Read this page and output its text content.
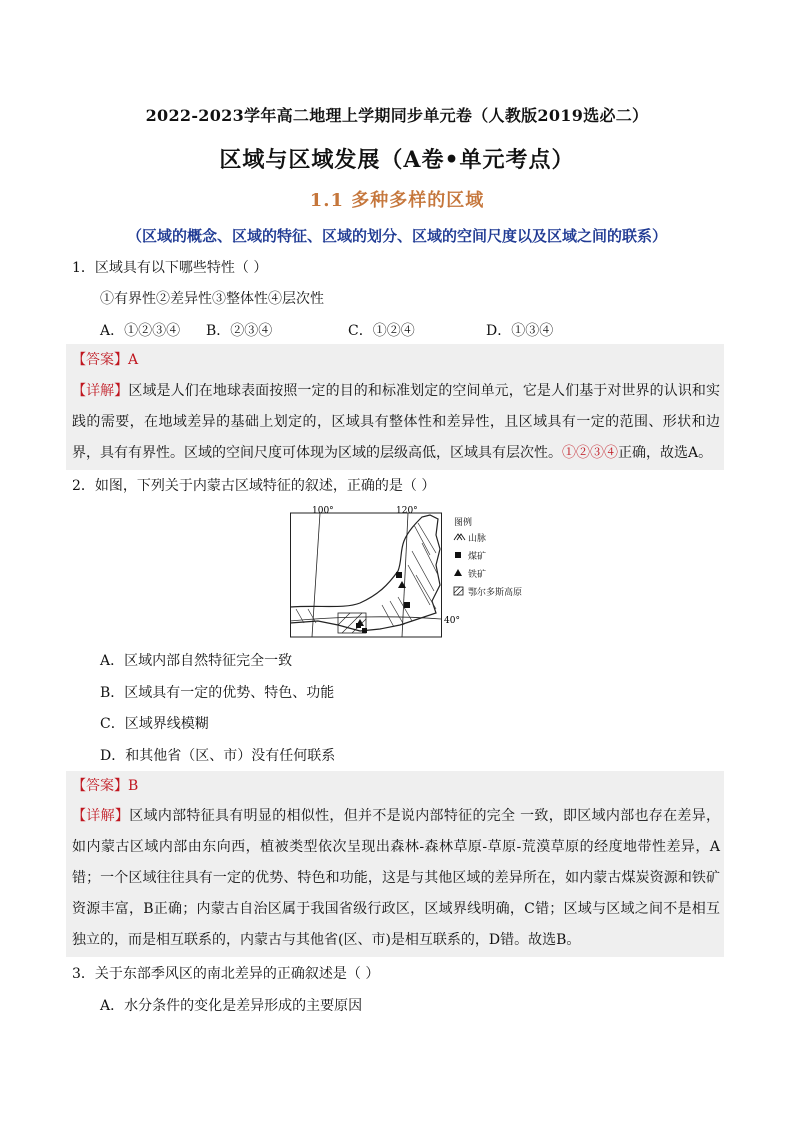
2022-2023学年高二地理上学期同步单元卷（人教版2019选必二）
区域与区域发展（A卷•单元考点）
1.1 多种多样的区域
（区域的概念、区域的特征、区域的划分、区域的空间尺度以及区域之间的联系）
1．区域具有以下哪些特性（ ）
①有界性②差异性③整体性④层次性
A．①②③④ B．②③④	C．①②④	D．①③④
【答案】A
【详解】区域是人们在地球表面按照一定的目的和标准划定的空间单元，它是人们基于对世界的认识和实践的需要，在地域差异的基础上划定的，区域具有整体性和差异性，且区域具有一定的范围、形状和边界，具有有界性。区域的空间尺度可体现为区域的层级高低，区域具有层次性。①②③④正确，故选A。
2．如图，下列关于内蒙古区域特征的叙述，正确的是（ ）
100°	120°
40°
图例
山脉
煤矿
铁矿
鄂尔多斯高原
A．区域内部自然特征完全一致
B．区域具有一定的优势、特色、功能
C．区域界线模糊
D．和其他省（区、市）没有任何联系
【答案】B
【详解】区域内部特征具有明显的相似性，但并不是说内部特征的完全 一致，即区域内部也存在差异，如内蒙古区域内部由东向西，植被类型依次呈现出森林-森林草原-草原-荒漠草原的经度地带性差异，A错；一个区域往往具有一定的优势、特色和功能，这是与其他区域的差异所在，如内蒙古煤炭资源和铁矿资源丰富，B正确；内蒙古自治区属于我国省级行政区，区域界线明确，C错；区域与区域之间不是相互独立的，而是相互联系的，内蒙古与其他省(区、市)是相互联系的，D错。故选B。
3．关于东部季风区的南北差异的正确叙述是（ ）
A．水分条件的变化是差异形成的主要原因
